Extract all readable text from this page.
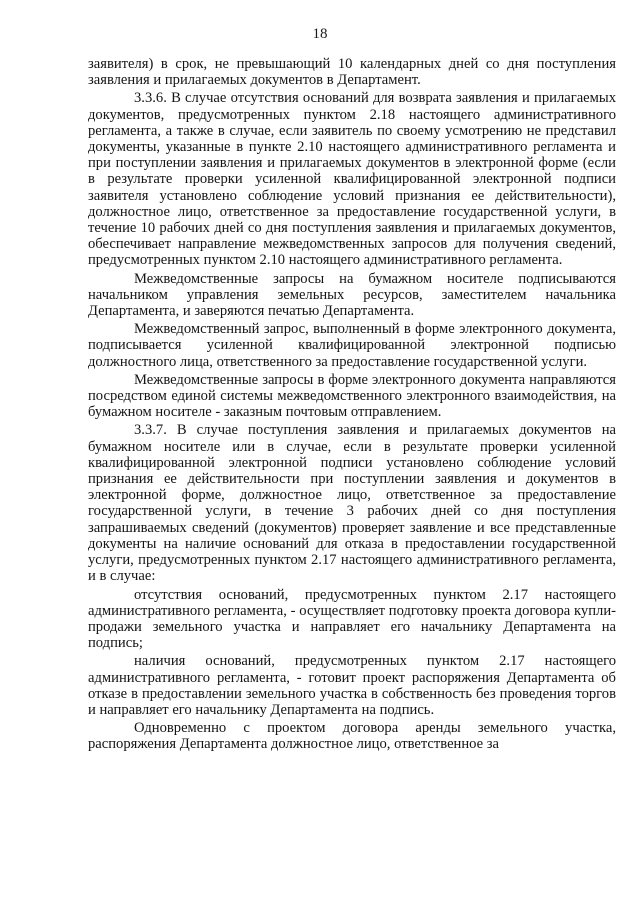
18

заявителя) в срок, не превышающий 10 календарных дней со дня поступления заявления и прилагаемых документов в Департамент.

3.3.6. В случае отсутствия оснований для возврата заявления и прилагаемых документов, предусмотренных пунктом 2.18 настоящего административного регламента, а также в случае, если заявитель по своему усмотрению не представил документы, указанные в пункте 2.10 настоящего административного регламента и при поступлении заявления и прилагаемых документов в электронной форме (если в результате проверки усиленной квалифицированной электронной подписи заявителя установлено соблюдение условий признания ее действительности), должностное лицо, ответственное за предоставление государственной услуги, в течение 10 рабочих дней со дня поступления заявления и прилагаемых документов, обеспечивает направление межведомственных запросов для получения сведений, предусмотренных пунктом 2.10 настоящего административного регламента.

Межведомственные запросы на бумажном носителе подписываются начальником управления земельных ресурсов, заместителем начальника Департамента, и заверяются печатью Департамента.

Межведомственный запрос, выполненный в форме электронного документа, подписывается усиленной квалифицированной электронной подписью должностного лица, ответственного за предоставление государственной услуги.

Межведомственные запросы в форме электронного документа направляются посредством единой системы межведомственного электронного взаимодействия, на бумажном носителе - заказным почтовым отправлением.

3.3.7. В случае поступления заявления и прилагаемых документов на бумажном носителе или в случае, если в результате проверки усиленной квалифицированной электронной подписи установлено соблюдение условий признания ее действительности при поступлении заявления и документов в электронной форме, должностное лицо, ответственное за предоставление государственной услуги, в течение 3 рабочих дней со дня поступления запрашиваемых сведений (документов) проверяет заявление и все представленные документы на наличие оснований для отказа в предоставлении государственной услуги, предусмотренных пунктом 2.17 настоящего административного регламента, и в случае:

отсутствия оснований, предусмотренных пунктом 2.17 настоящего административного регламента, - осуществляет подготовку проекта договора купли-продажи земельного участка и направляет его начальнику Департамента на подпись;

наличия оснований, предусмотренных пунктом 2.17 настоящего административного регламента, - готовит проект распоряжения Департамента об отказе в предоставлении земельного участка в собственность без проведения торгов и направляет его начальнику Департамента на подпись.

Одновременно с проектом договора аренды земельного участка, распоряжения Департамента должностное лицо, ответственное за
